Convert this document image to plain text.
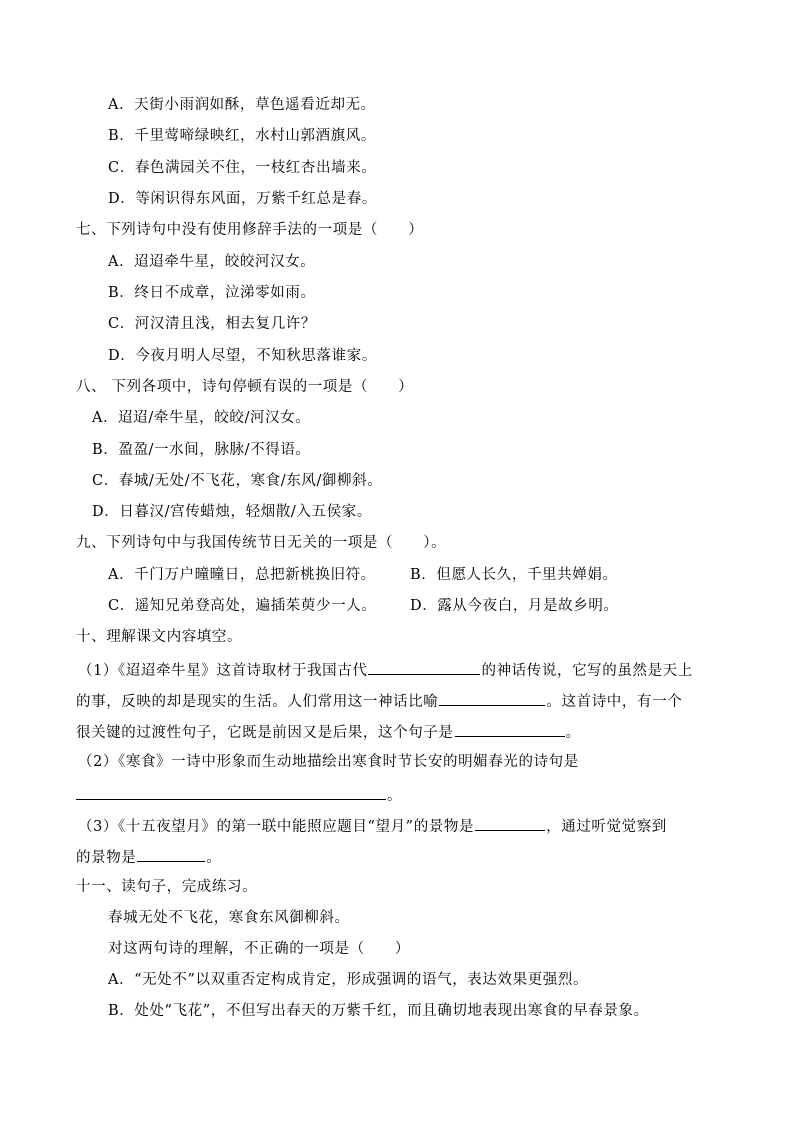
A．天街小雨润如酥，草色遥看近却无。
B．千里莺啼绿映红，水村山郭酒旗风。
C．春色满园关不住，一枝红杏出墙来。
D．等闲识得东风面，万紫千红总是春。
七、下列诗句中没有使用修辞手法的一项是（　　）
A．迢迢牵牛星，皎皎河汉女。
B．终日不成章，泣涕零如雨。
C．河汉清且浅，相去复几许？
D．今夜月明人尽望，不知秋思落谁家。
八、 下列各项中，诗句停顿有误的一项是（　　）
A．迢迢/牵牛星，皎皎/河汉女。
B．盈盈/一水间，脉脉/不得语。
C．春城/无处/不飞花，寒食/东风/御柳斜。
D．日暮汉/宫传蜡烛，轻烟散/入五侯家。
九、下列诗句中与我国传统节日无关的一项是（　　）。
A．千门万户曈曈日，总把新桃换旧符。 B．但愿人长久，千里共婵娟。
C．遥知兄弟登高处，遍插茱萸少一人。 D．露从今夜白，月是故乡明。
十、理解课文内容填空。
（1）《迢迢牵牛星》这首诗取材于我国古代	的神话传说，它写的虽然是天上
的事，反映的却是现实的生活。人们常用这一神话比喻	。这首诗中，有一个
很关键的过渡性句子，它既是前因又是后果，这个句子是	。
（2）《寒食》一诗中形象而生动地描绘出寒食时节长安的明媚春光的诗句是
。
（3）《十五夜望月》的第一联中能照应题目“望月”的景物是	，通过听觉觉察到
的景物是	。
十一、读句子，完成练习。
春城无处不飞花，寒食东风御柳斜。
对这两句诗的理解，不正确的一项是（　　）
A．“无处不”以双重否定构成肯定，形成强调的语气，表达效果更强烈。
B．处处“飞花”，不但写出春天的万紫千红，而且确切地表现出寒食的早春景象。
